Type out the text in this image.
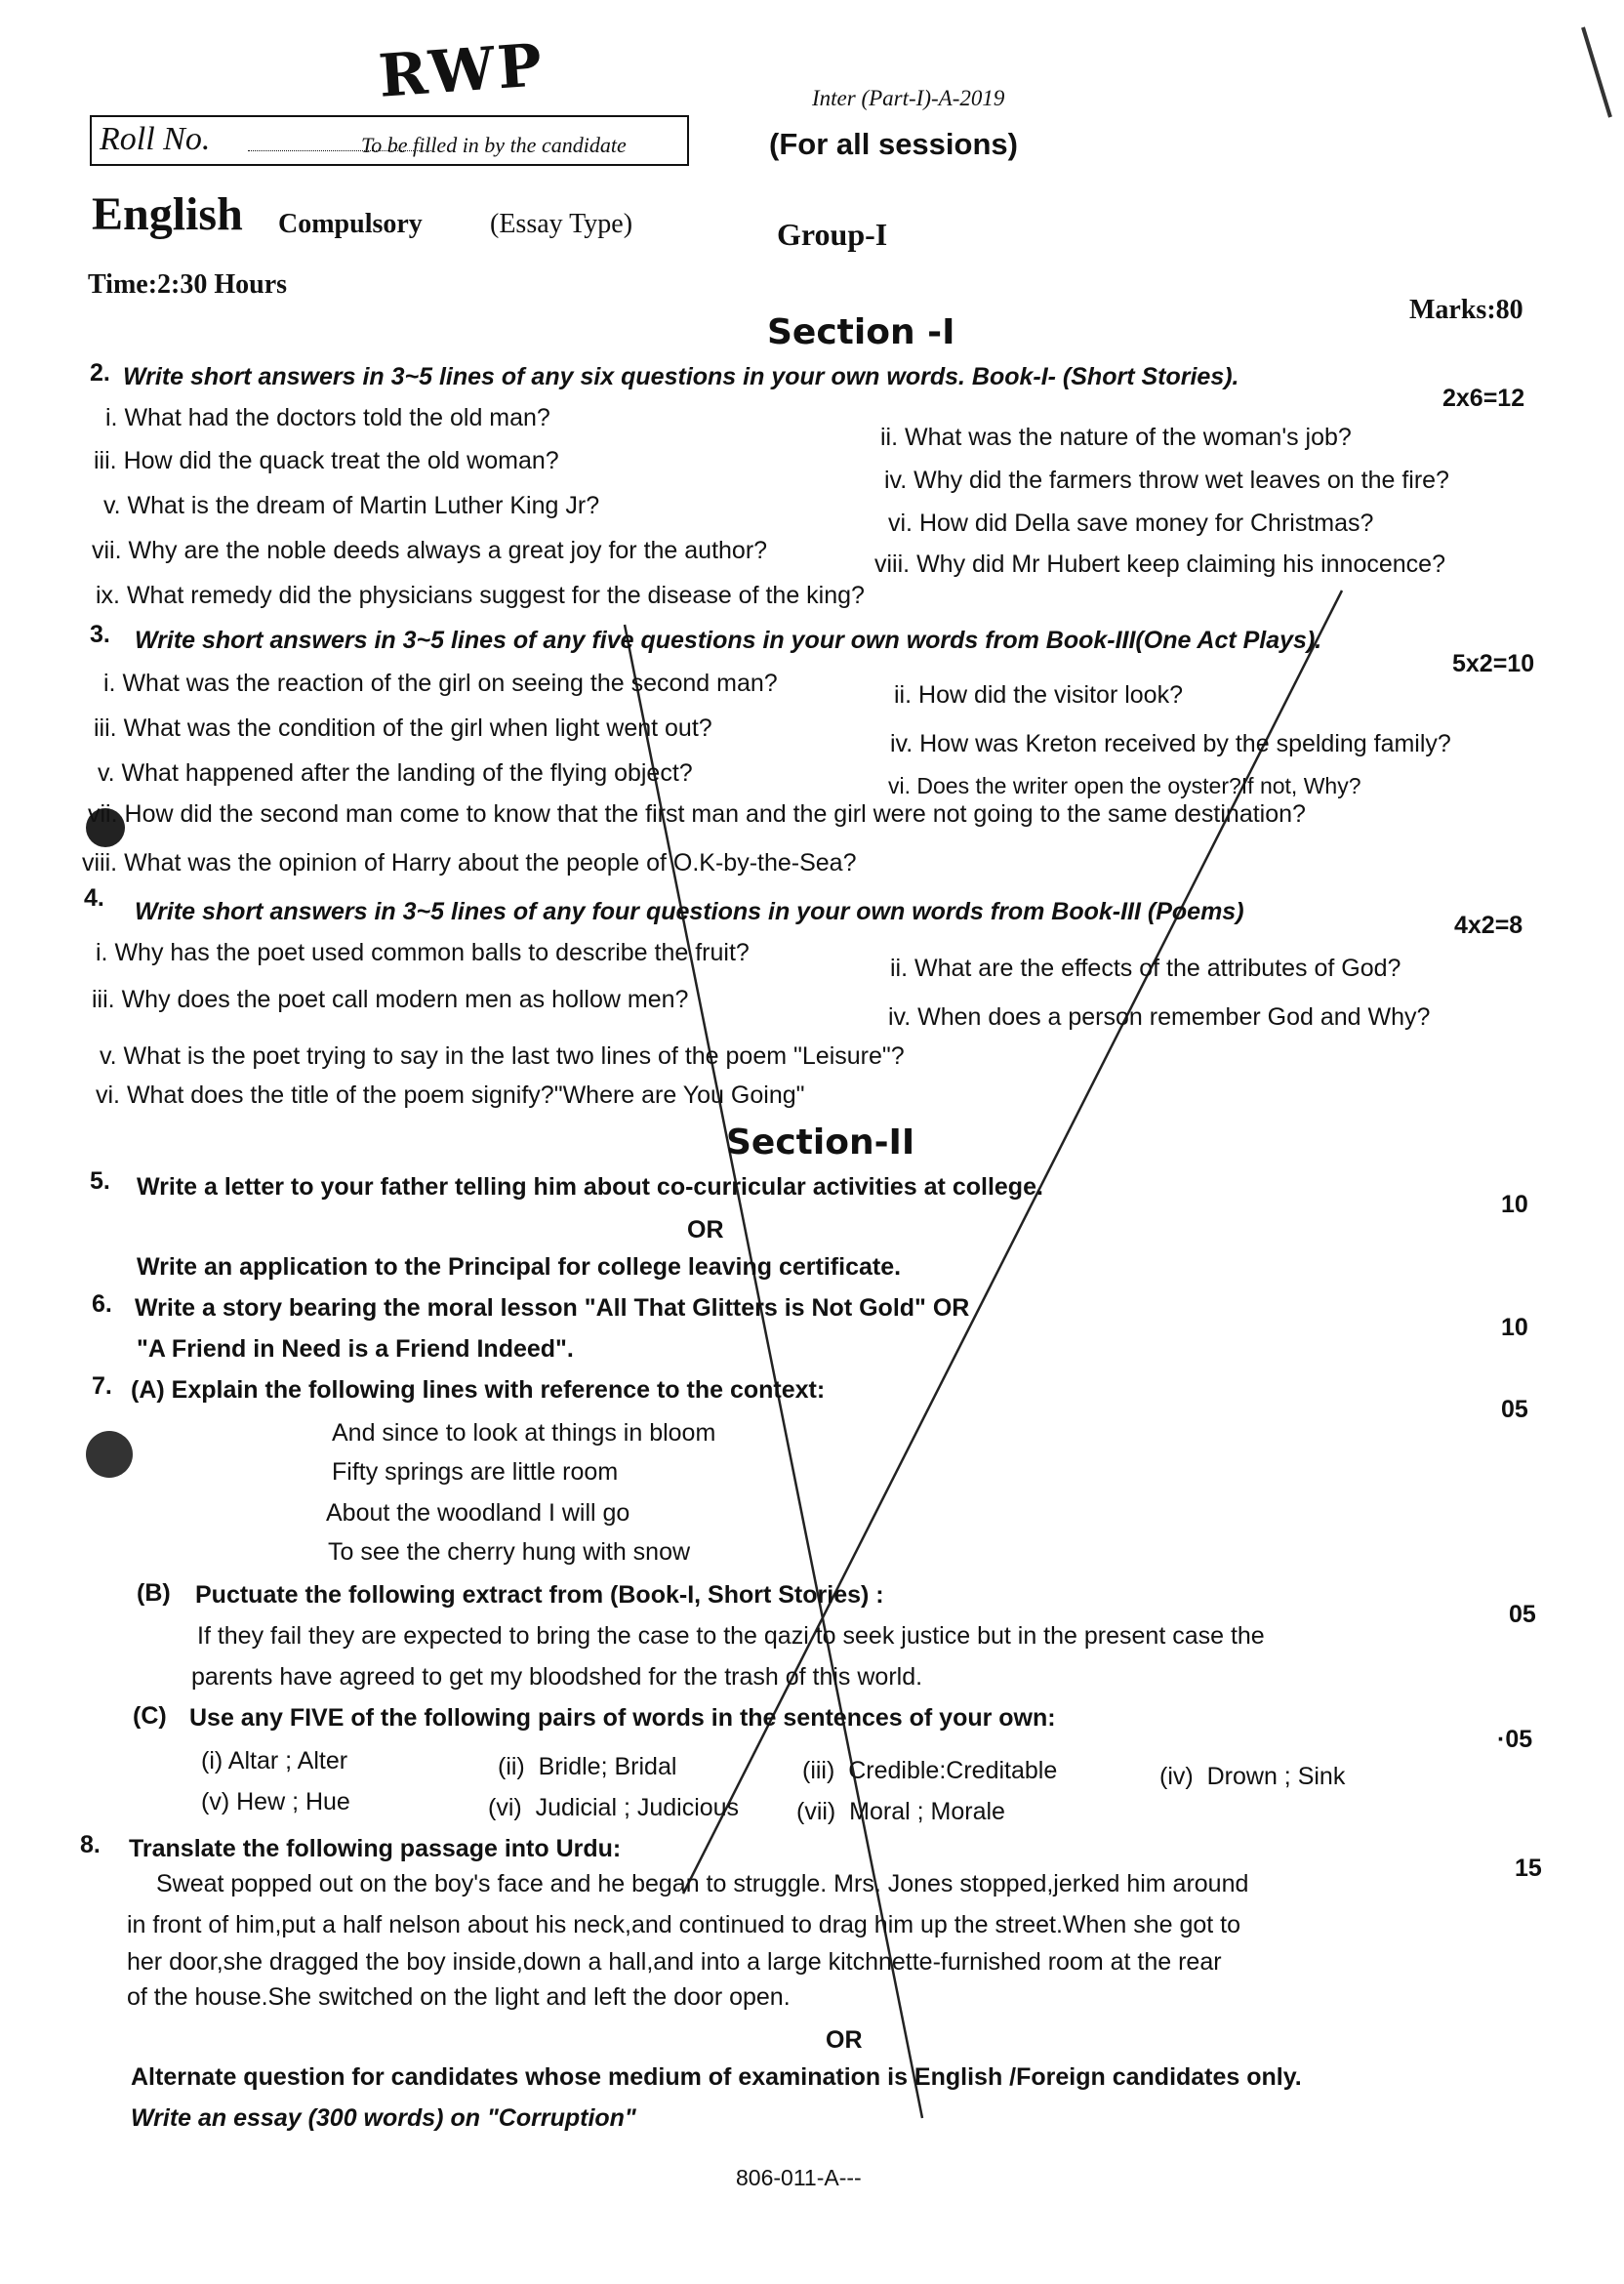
RWP
Roll No.	To be filled in by the candidate
Inter (Part-I)-A-2019
(For all sessions)
English Compulsory (Essay Type)	Group-I
Time:2:30 Hours
Marks:80
Section -I
2. Write short answers in 3~5 lines of any six questions in your own words. Book-I- (Short Stories).
2x6=12
i. What had the doctors told the old man?
ii. What was the nature of the woman's job?
iii. How did the quack treat the old woman?
iv. Why did the farmers throw wet leaves on the fire?
v. What is the dream of Martin Luther King Jr?
vi. How did Della save money for Christmas?
vii. Why are the noble deeds always a great joy for the author?	viii. Why did Mr Hubert keep claiming his innocence?
ix. What remedy did the physicians suggest for the disease of the king?
3. Write short answers in 3~5 lines of any five questions in your own words from Book-III(One Act Plays).
5x2=10
i. What was the reaction of the girl on seeing the second man?	ii. How did the visitor look?
iii. What was the condition of the girl when light went out?
iv. How was Kreton received by the spelding family?
v. What happened after the landing of the flying object?	vi. Does the writer open the oyster?If not, Why?
vii. How did the second man come to know that the first man and the girl were not going to the same destination?
viii. What was the opinion of Harry about the people of O.K-by-the-Sea?
4. Write short answers in 3~5 lines of any four questions in your own words from Book-III (Poems)	4x2=8
i. Why has the poet used common balls to describe the fruit?
ii. What are the effects of the attributes of God?
iii. Why does the poet call modern men as hollow men?
iv. When does a person remember God and Why?
v. What is the poet trying to say in the last two lines of the poem "Leisure"?
vi. What does the title of the poem signify?"Where are You Going"
Section-II
5. Write a letter to your father telling him about co-curricular activities at college.
10
OR
Write an application to the Principal for college leaving certificate.
6. Write a story bearing the moral lesson "All That Glitters is Not Gold" OR
10
"A Friend in Need is a Friend Indeed".
7. (A) Explain the following lines with reference to the context:
05
And since to look at things in bloom
Fifty springs are little room
About the woodland I will go
To see the cherry hung with snow
(B) Puctuate the following extract from (Book-I, Short Stories) :
05
If they fail they are expected to bring the case to the qazi to seek justice but in the present case the
parents have agreed to get my bloodshed for the trash of this world.
(C) Use any FIVE of the following pairs of words in the sentences of your own:
·05
(i) Altar ; Alter	(ii) Bridle; Bridal	(iii) Credible:Creditable	(iv) Drown ; Sink
(v) Hew ; Hue	(vi) Judicial ; Judicious (vii) Moral ; Morale
8. Translate the following passage into Urdu:
15
Sweat popped out on the boy's face and he began to struggle. Mrs. Jones stopped,jerked him around
in front of him,put a half nelson about his neck,and continued to drag him up the street.When she got to
her door,she dragged the boy inside,down a hall,and into a large kitchnette-furnished room at the rear
of the house.She switched on the light and left the door open.
OR
Alternate question for candidates whose medium of examination is English /Foreign candidates only.
Write an essay (300 words) on "Corruption"
806-011-A---
